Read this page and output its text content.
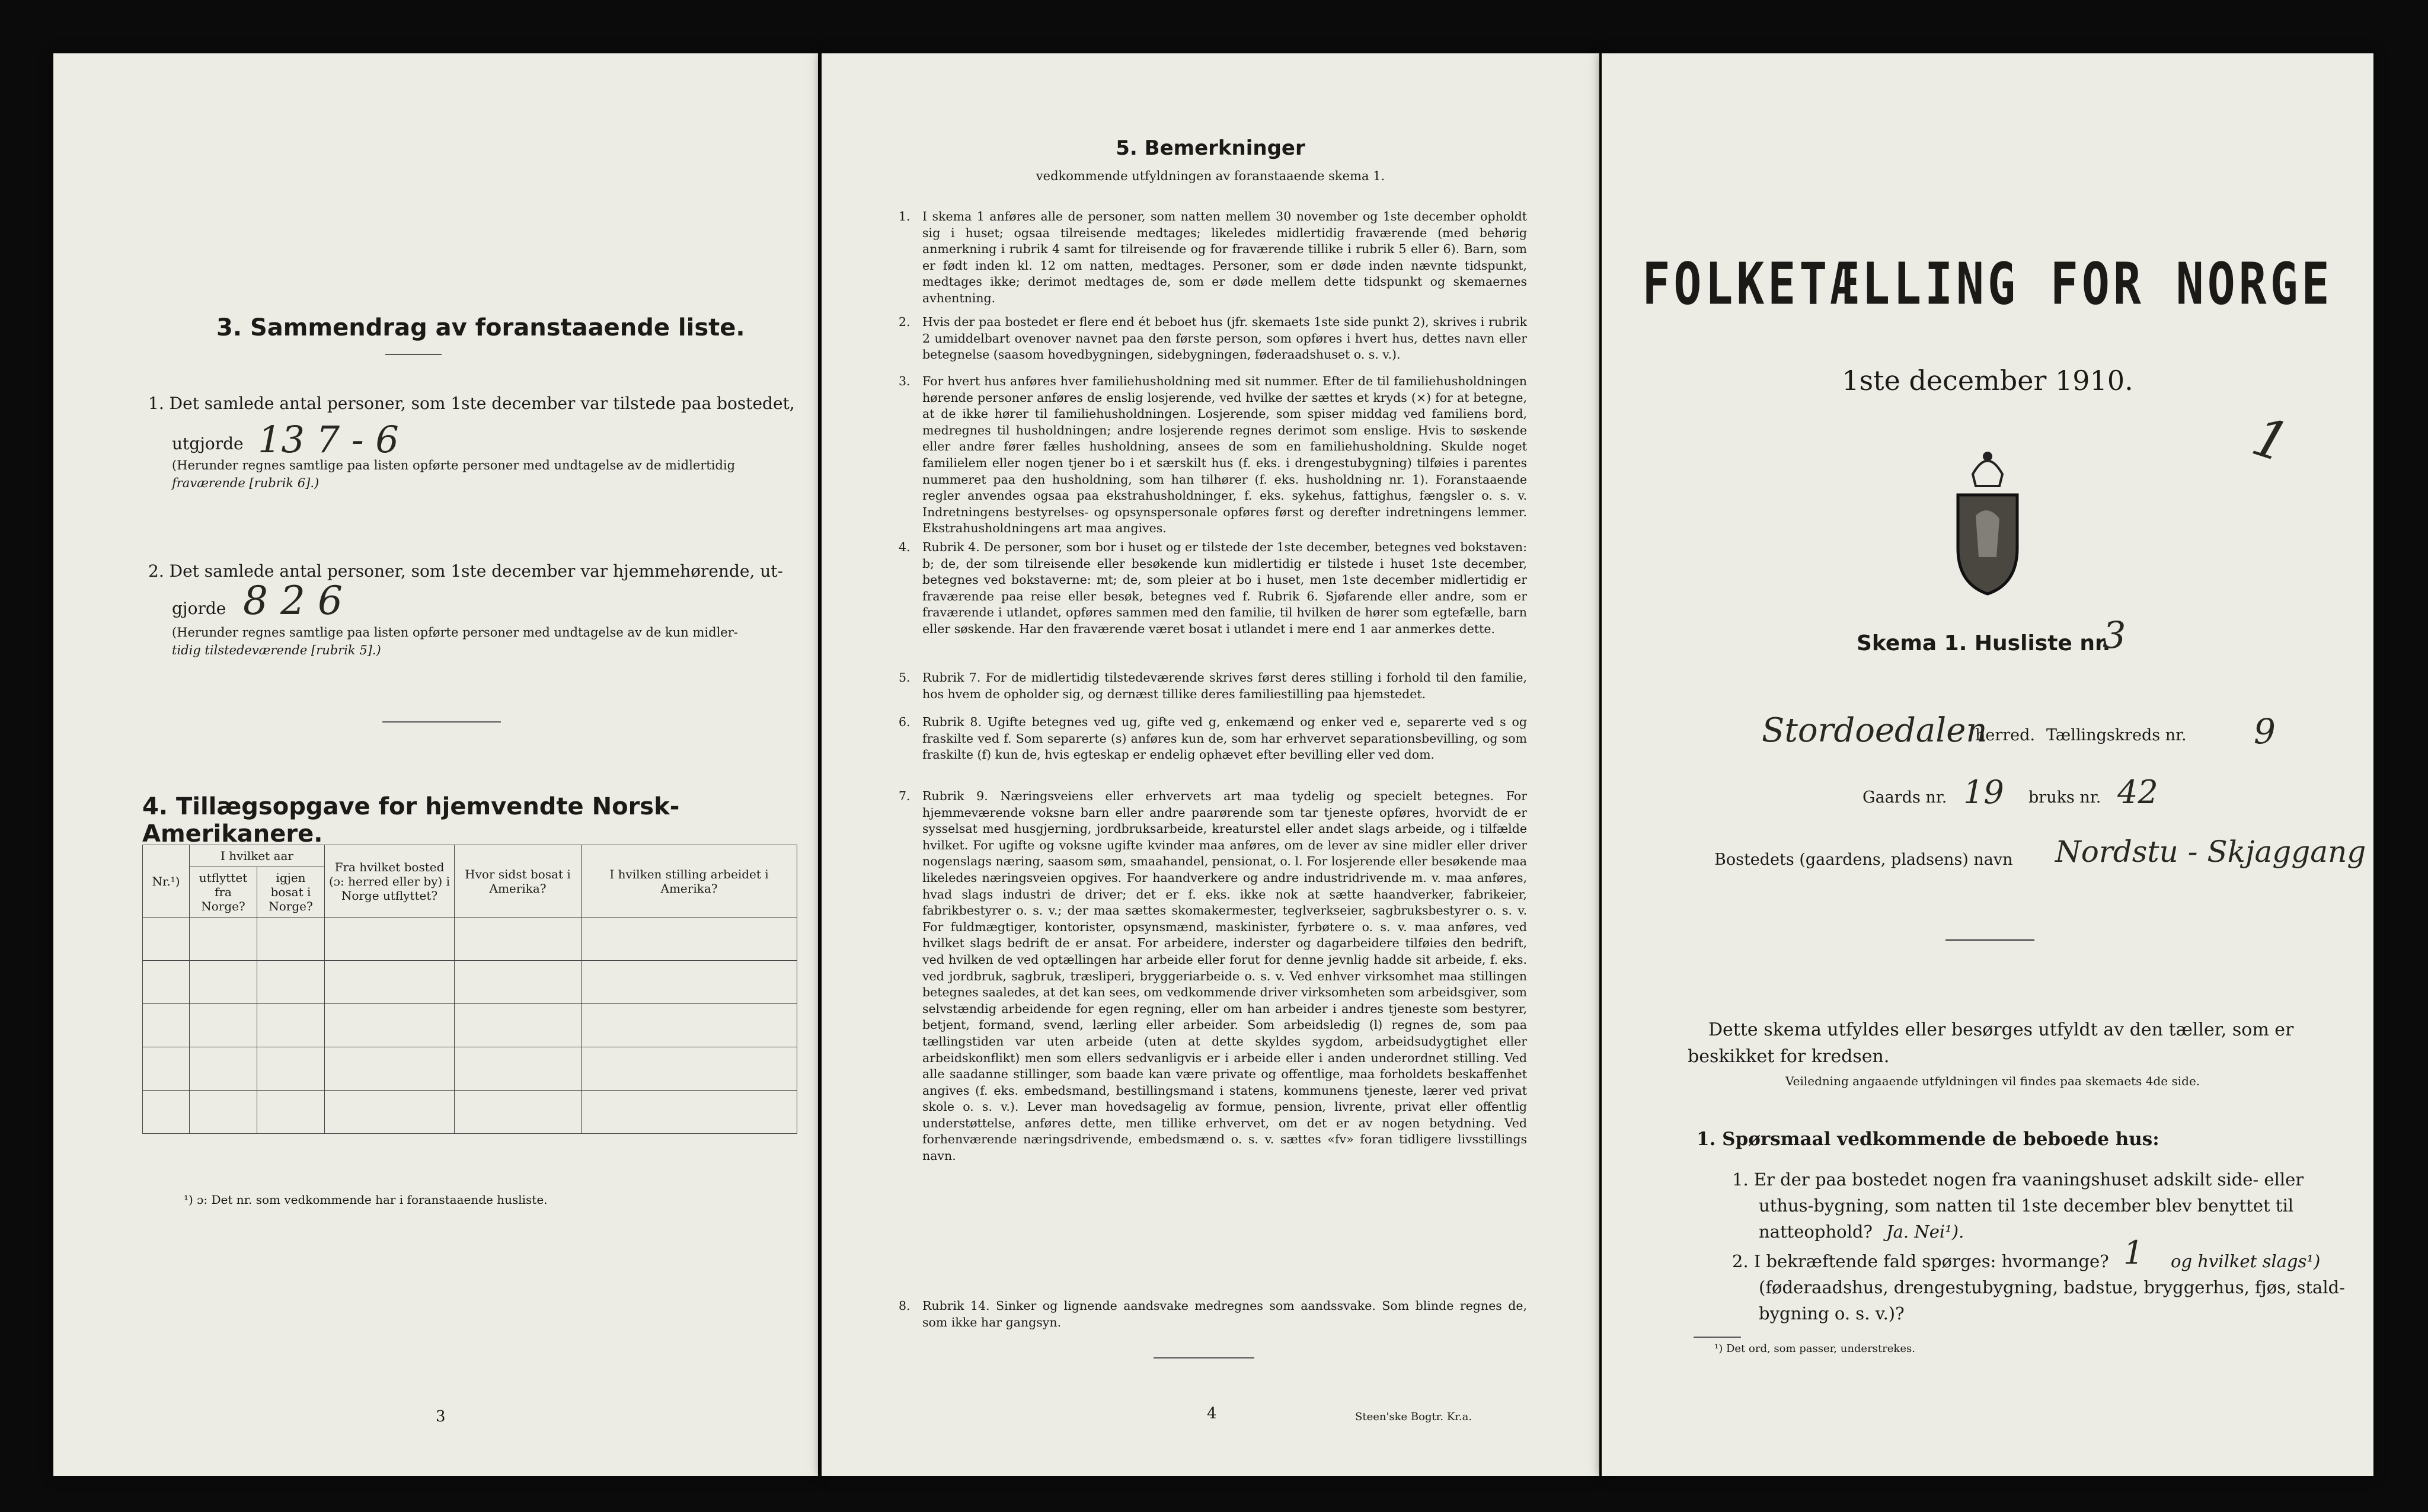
3. Sammendrag av foranstaaende liste.
1. Det samlede antal personer, som 1ste december var tilstede paa bostedet,
utgjorde 13 7 - 6
(Herunder regnes samtlige paa listen opførte personer med undtagelse av de midlertidig
fraværende [rubrik 6].)
2. Det samlede antal personer, som 1ste december var hjemmehørende, ut-
gjorde 8 2 6
(Herunder regnes samtlige paa listen opførte personer med undtagelse av de kun midler-
tidig tilstedeværende [rubrik 5].)
4. Tillægsopgave for hjemvendte Norsk-Amerikanere.
Nr.¹)	I hvilket aar		Fra hvilket bosted (ɔ: herred eller by) i Norge utflyttet?	Hvor sidst bosat i Amerika?	I hvilken stilling arbeidet i Amerika?
	utflyttet fra Norge?	igjen bosat i Norge?			

¹) ɔ: Det nr. som vedkommende har i foranstaaende husliste.
3
5. Bemerkninger
vedkommende utfyldningen av foranstaaende skema 1.
1. I skema 1 anføres alle de personer, som natten mellem 30 november og 1ste december opholdt sig i huset; ogsaa tilreisende medtages; likeledes midlertidig fraværende (med behørig anmerkning i rubrik 4 samt for tilreisende og for fraværende tillike i rubrik 5 eller 6). Barn, som er født inden kl. 12 om natten, medtages. Personer, som er døde inden nævnte tidspunkt, medtages ikke; derimot medtages de, som er døde mellem dette tidspunkt og skemaernes avhentning.
2. Hvis der paa bostedet er flere end ét beboet hus (jfr. skemaets 1ste side punkt 2), skrives i rubrik 2 umiddelbart ovenover navnet paa den første person, som opføres i hvert hus, dettes navn eller betegnelse (saasom hovedbygningen, sidebygningen, føderaadshuset o. s. v.).
3. For hvert hus anføres hver familiehusholdning med sit nummer. Efter de til familiehusholdningen hørende personer anføres de enslig losjerende, ved hvilke der sættes et kryds (×) for at betegne, at de ikke hører til familiehusholdningen. Losjerende, som spiser middag ved familiens bord, medregnes til husholdningen; andre losjerende regnes derimot som enslige. Hvis to søskende eller andre fører fælles husholdning, ansees de som en familiehusholdning. Skulde noget familielem eller nogen tjener bo i et særskilt hus (f. eks. i drengestubygning) tilføies i parentes nummeret paa den husholdning, som han tilhører (f. eks. husholdning nr. 1). Foranstaaende regler anvendes ogsaa paa ekstrahusholdninger, f. eks. sykehus, fattighus, fængsler o. s. v. Indretningens bestyrelses- og opsynspersonale opføres først og derefter indretningens lemmer. Ekstrahusholdningens art maa angives.
4. Rubrik 4. De personer, som bor i huset og er tilstede der 1ste december, betegnes ved bokstaven: b; de, der som tilreisende eller besøkende kun midlertidig er tilstede i huset 1ste december, betegnes ved bokstaverne: mt; de, som pleier at bo i huset, men 1ste december midlertidig er fraværende paa reise eller besøk, betegnes ved f. Rubrik 6. Sjøfarende eller andre, som er fraværende i utlandet, opføres sammen med den familie, til hvilken de hører som egtefælle, barn eller søskende. Har den fraværende været bosat i utlandet i mere end 1 aar anmerkes dette.
5. Rubrik 7. For de midlertidig tilstedeværende skrives først deres stilling i forhold til den familie, hos hvem de opholder sig, og dernæst tillike deres familiestilling paa hjemstedet.
6. Rubrik 8. Ugifte betegnes ved ug, gifte ved g, enkemænd og enker ved e, separerte ved s og fraskilte ved f. Som separerte (s) anføres kun de, som har erhvervet separationsbevilling, og som fraskilte (f) kun de, hvis egteskap er endelig ophævet efter bevilling eller ved dom.
7. Rubrik 9. Næringsveiens eller erhvervets art maa tydelig og specielt betegnes. For hjemmeværende voksne barn eller andre paarørende som tar tjeneste opføres, hvorvidt de er sysselsat med husgjerning, jordbruksarbeide, kreaturstel eller andet slags arbeide, og i tilfælde hvilket. For ugifte og voksne ugifte kvinder maa anføres, om de lever av sine midler eller driver nogenslags næring, saasom søm, smaahandel, pensionat, o. l. For losjerende eller besøkende maa likeledes næringsveien opgives. For haandverkere og andre industridrivende m. v. maa anføres, hvad slags industri de driver; det er f. eks. ikke nok at sætte haandverker, fabrikeier, fabrikbestyrer o. s. v.; der maa sættes skomakermester, teglverkseier, sagbruksbestyrer o. s. v. For fuldmægtiger, kontorister, opsynsmænd, maskinister, fyrbøtere o. s. v. maa anføres, ved hvilket slags bedrift de er ansat. For arbeidere, inderster og dagarbeidere tilføies den bedrift, ved hvilken de ved optællingen har arbeide eller forut for denne jevnlig hadde sit arbeide, f. eks. ved jordbruk, sagbruk, træsliperi, bryggeriarbeide o. s. v. Ved enhver virksomhet maa stillingen betegnes saaledes, at det kan sees, om vedkommende driver virksomheten som arbeidsgiver, som selvstændig arbeidende for egen regning, eller om han arbeider i andres tjeneste som bestyrer, betjent, formand, svend, lærling eller arbeider. Som arbeidsledig (l) regnes de, som paa tællingstiden var uten arbeide (uten at dette skyldes sygdom, arbeidsudygtighet eller arbeidskonflikt) men som ellers sedvanligvis er i arbeide eller i anden underordnet stilling. Ved alle saadanne stillinger, som baade kan være private og offentlige, maa forholdets beskaffenhet angives (f. eks. embedsmand, bestillingsmand i statens, kommunens tjeneste, lærer ved privat skole o. s. v.). Lever man hovedsagelig av formue, pension, livrente, privat eller offentlig understøttelse, anføres dette, men tillike erhvervet, om det er av nogen betydning. Ved forhenværende næringsdrivende, embedsmænd o. s. v. sættes «fv» foran tidligere livsstillings navn.
8. Rubrik 14. Sinker og lignende aandsvake medregnes som aandssvake. Som blinde regnes de, som ikke har gangsyn.
4	Steen'ske Bogtr. Kr.a.
1
FOLKETÆLLING FOR NORGE
1ste december 1910.
Skema 1. Husliste nr.
3
Stordoedalen
herred. Tællingskreds nr. 9
Gaards nr. 19 bruks nr. 42
Bostedets (gaardens, pladsens) navn Nordstu - Skjaggang
Dette skema utfyldes eller besørges utfyldt av den tæller, som er
beskikket for kredsen.
Veiledning angaaende utfyldningen vil findes paa skemaets 4de side.
1. Spørsmaal vedkommende de beboede hus:
1. Er der paa bostedet nogen fra vaaningshuset adskilt side- eller
uthus-bygning, som natten til 1ste december blev benyttet til
natteophold? Ja. Nei¹).
2. I bekræftende fald spørges: hvormange? 1 og hvilket slags¹)
(føderaadshus, drengestubygning, badstue, bryggerhus, fjøs, stald-
bygning o. s. v.)?
¹) Det ord, som passer, understrekes.
